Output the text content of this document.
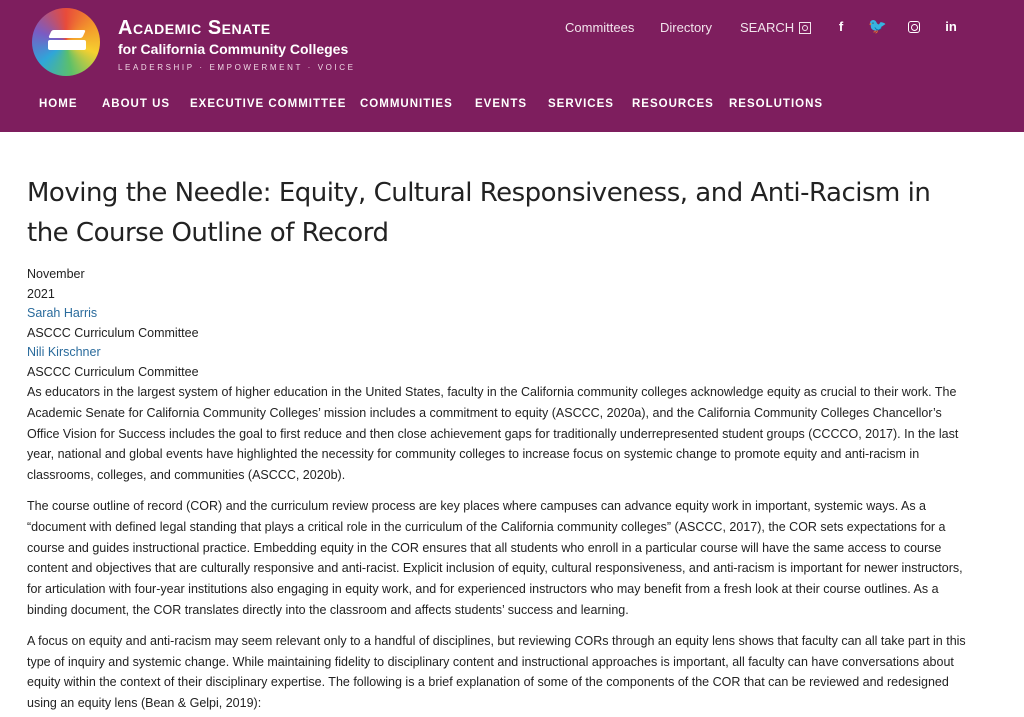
Academic Senate
for California Community Colleges
LEADERSHIP · EMPOWERMENT · VOICE
Committees Directory SEARCH	f	🐦	in
HOME ABOUT US EXECUTIVE COMMITTEE COMMUNITIES EVENTS SERVICES RESOURCES RESOLUTIONS
Moving the Needle: Equity, Cultural Responsiveness, and Anti-Racism in the Course Outline of Record
November
2021
Sarah Harris
ASCCC Curriculum Committee
Nili Kirschner
ASCCC Curriculum Committee

As educators in the largest system of higher education in the United States, faculty in the California community colleges acknowledge equity as crucial to their work. The Academic Senate for California Community Colleges’ mission includes a commitment to equity (ASCCC, 2020a), and the California Community Colleges Chancellor’s Office Vision for Success includes the goal to first reduce and then close achievement gaps for traditionally underrepresented student groups (CCCCO, 2017). In the last year, national and global events have highlighted the necessity for community colleges to increase focus on systemic change to promote equity and anti-racism in classrooms, colleges, and communities (ASCCC, 2020b).

The course outline of record (COR) and the curriculum review process are key places where campuses can advance equity work in important, systemic ways. As a “document with defined legal standing that plays a critical role in the curriculum of the California community colleges” (ASCCC, 2017), the COR sets expectations for a course and guides instructional practice. Embedding equity in the COR ensures that all students who enroll in a particular course will have the same access to course content and objectives that are culturally responsive and anti-racist. Explicit inclusion of equity, cultural responsiveness, and anti-racism is important for newer instructors, for articulation with four-year institutions also engaging in equity work, and for experienced instructors who may benefit from a fresh look at their course outlines. As a binding document, the COR translates directly into the classroom and affects students’ success and learning.

A focus on equity and anti-racism may seem relevant only to a handful of disciplines, but reviewing CORs through an equity lens shows that faculty can all take part in this type of inquiry and systemic change. While maintaining fidelity to disciplinary content and instructional approaches is important, all faculty can have conversations about equity within the context of their disciplinary expertise. The following is a brief explanation of some of the components of the COR that can be reviewed and redesigned using an equity lens (Bean & Gelpi, 2019):
